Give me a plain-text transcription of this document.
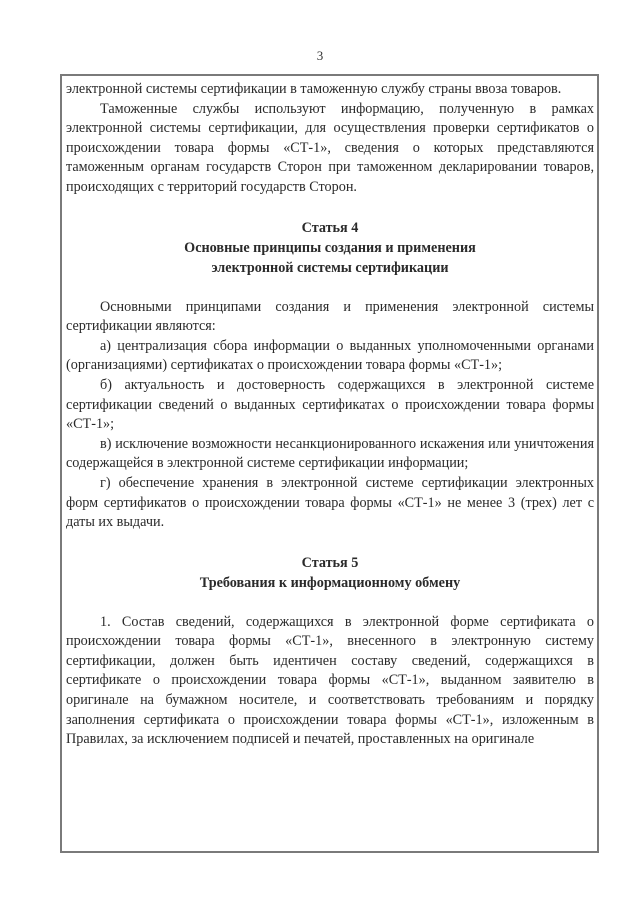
3

электронной системы сертификации в таможенную службу страны ввоза товаров.

Таможенные службы используют информацию, полученную в рамках электронной системы сертификации, для осуществления проверки сертификатов о происхождении товара формы «СТ-1», сведения о которых представляются таможенным органам государств Сторон при таможенном декларировании товаров, происходящих с территорий государств Сторон.

Статья 4

Основные принципы создания и применения

электронной системы сертификации

Основными принципами создания и применения электронной системы сертификации являются:

а) централизация сбора информации о выданных уполномоченными органами (организациями) сертификатах о происхождении товара формы «СТ-1»;

б) актуальность и достоверность содержащихся в электронной системе сертификации сведений о выданных сертификатах о происхождении товара формы «СТ-1»;

в) исключение возможности несанкционированного искажения или уничтожения содержащейся в электронной системе сертификации информации;

г) обеспечение хранения в электронной системе сертификации электронных форм сертификатов о происхождении товара формы «СТ-1» не менее 3 (трех) лет с даты их выдачи.

Статья 5

Требования к информационному обмену

1. Состав сведений, содержащихся в электронной форме сертификата о происхождении товара формы «СТ-1», внесенного в электронную систему сертификации, должен быть идентичен составу сведений, содержащихся в сертификате о происхождении товара формы «СТ-1», выданном заявителю в оригинале на бумажном носителе, и соответствовать требованиям и порядку заполнения сертификата о происхождении товара формы «СТ-1», изложенным в Правилах, за исключением подписей и печатей, проставленных на оригинале
